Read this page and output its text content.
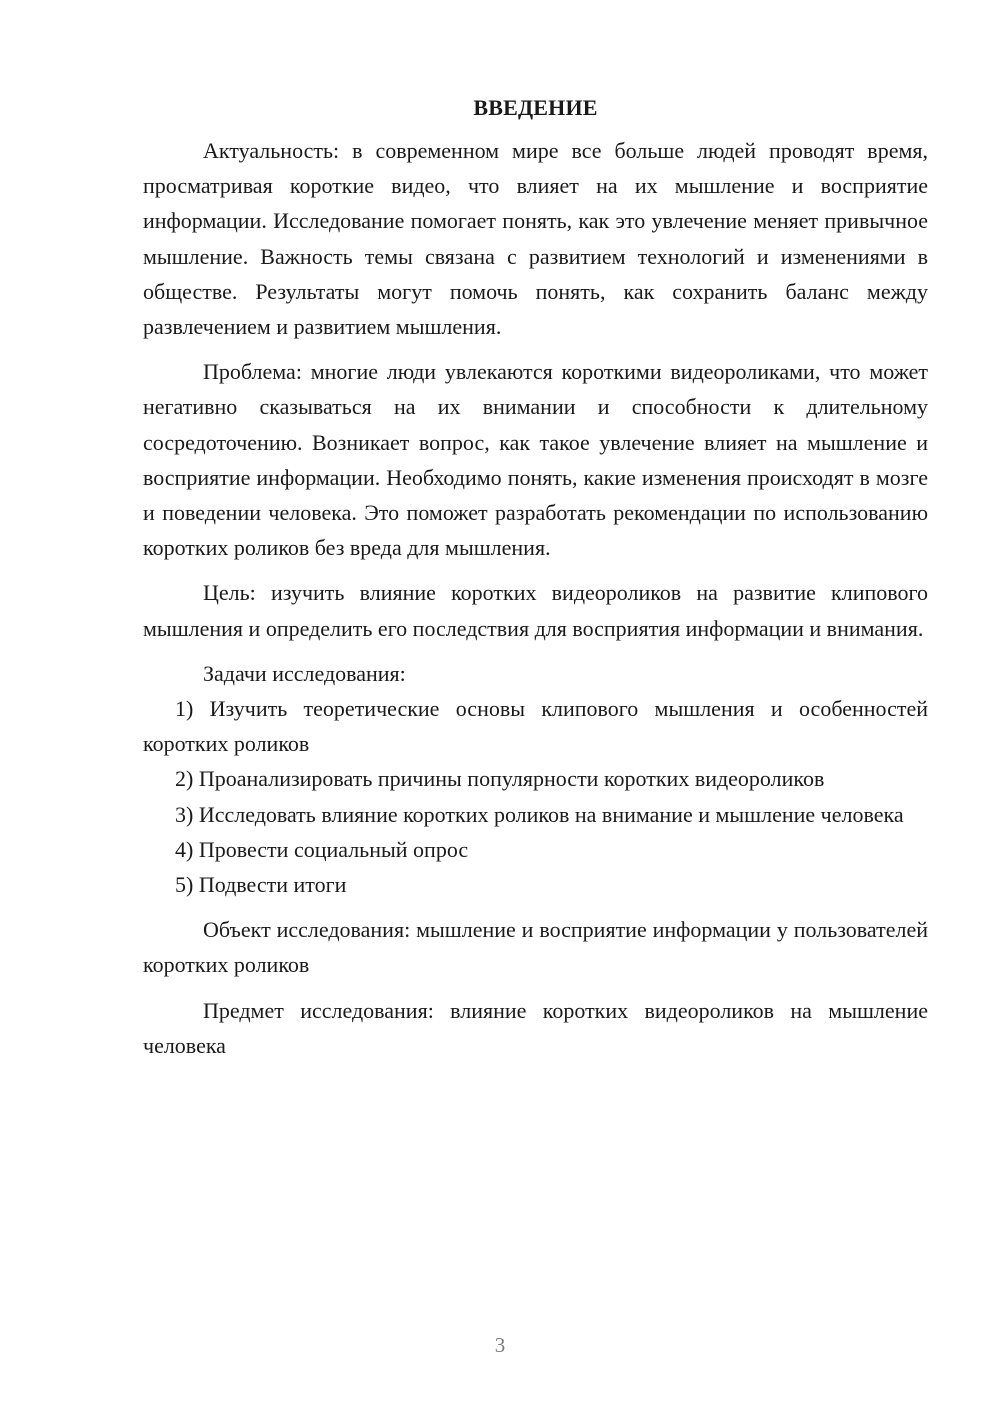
ВВЕДЕНИЕ

Актуальность: в современном мире все больше людей проводят время, просматривая короткие видео, что влияет на их мышление и восприятие информации. Исследование помогает понять, как это увлечение меняет привычное мышление. Важность темы связана с развитием технологий и изменениями в обществе. Результаты могут помочь понять, как сохранить баланс между развлечением и развитием мышления.

Проблема: многие люди увлекаются короткими видеороликами, что может негативно сказываться на их внимании и способности к длительному сосредоточению. Возникает вопрос, как такое увлечение влияет на мышление и восприятие информации. Необходимо понять, какие изменения происходят в мозге и поведении человека. Это поможет разработать рекомендации по использованию коротких роликов без вреда для мышления.

Цель: изучить влияние коротких видеороликов на развитие клипового мышления и определить его последствия для восприятия информации и внимания.

Задачи исследования:

1) Изучить теоретические основы клипового мышления и особенностей коротких роликов

2) Проанализировать причины популярности коротких видеороликов

3) Исследовать влияние коротких роликов на внимание и мышление человека

4) Провести социальный опрос

5) Подвести итоги

Объект исследования: мышление и восприятие информации у пользователей коротких роликов

Предмет исследования: влияние коротких видеороликов на мышление человека

3
